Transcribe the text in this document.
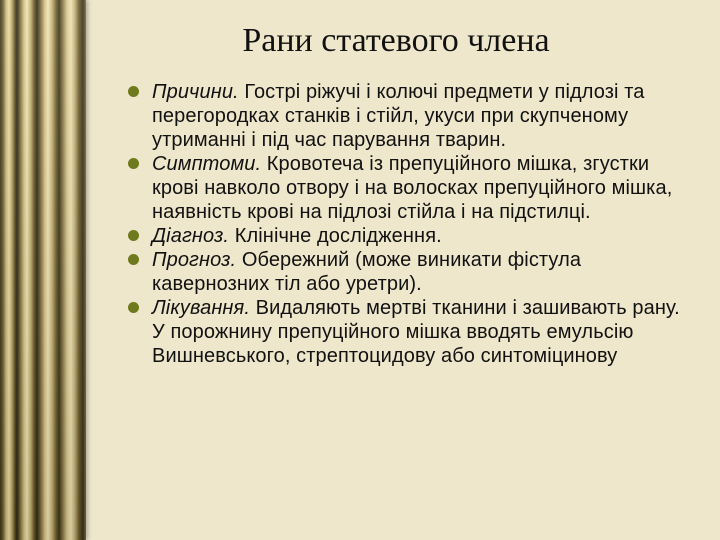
Рани статевого члена
Причини. Гострі ріжучі і колючі предмети у підлозі та перегородках станків і стійл, укуси при скупченому утриманні і під час парування тварин.
Симптоми. Кровотеча із препуційного мішка, згустки крові навколо отвору і на волосках препуційного мішка, наявність крові на підлозі стійла і на підстилці.
Діагноз. Клінічне дослідження.
Прогноз. Обережний (може виникати фістула кавернозних тіл або уретри).
Лікування. Видаляють мертві тканини і зашивають рану. У порожнину препуційного мішка вводять емульсію Вишневського, стрептоцидову або синтоміцинову
